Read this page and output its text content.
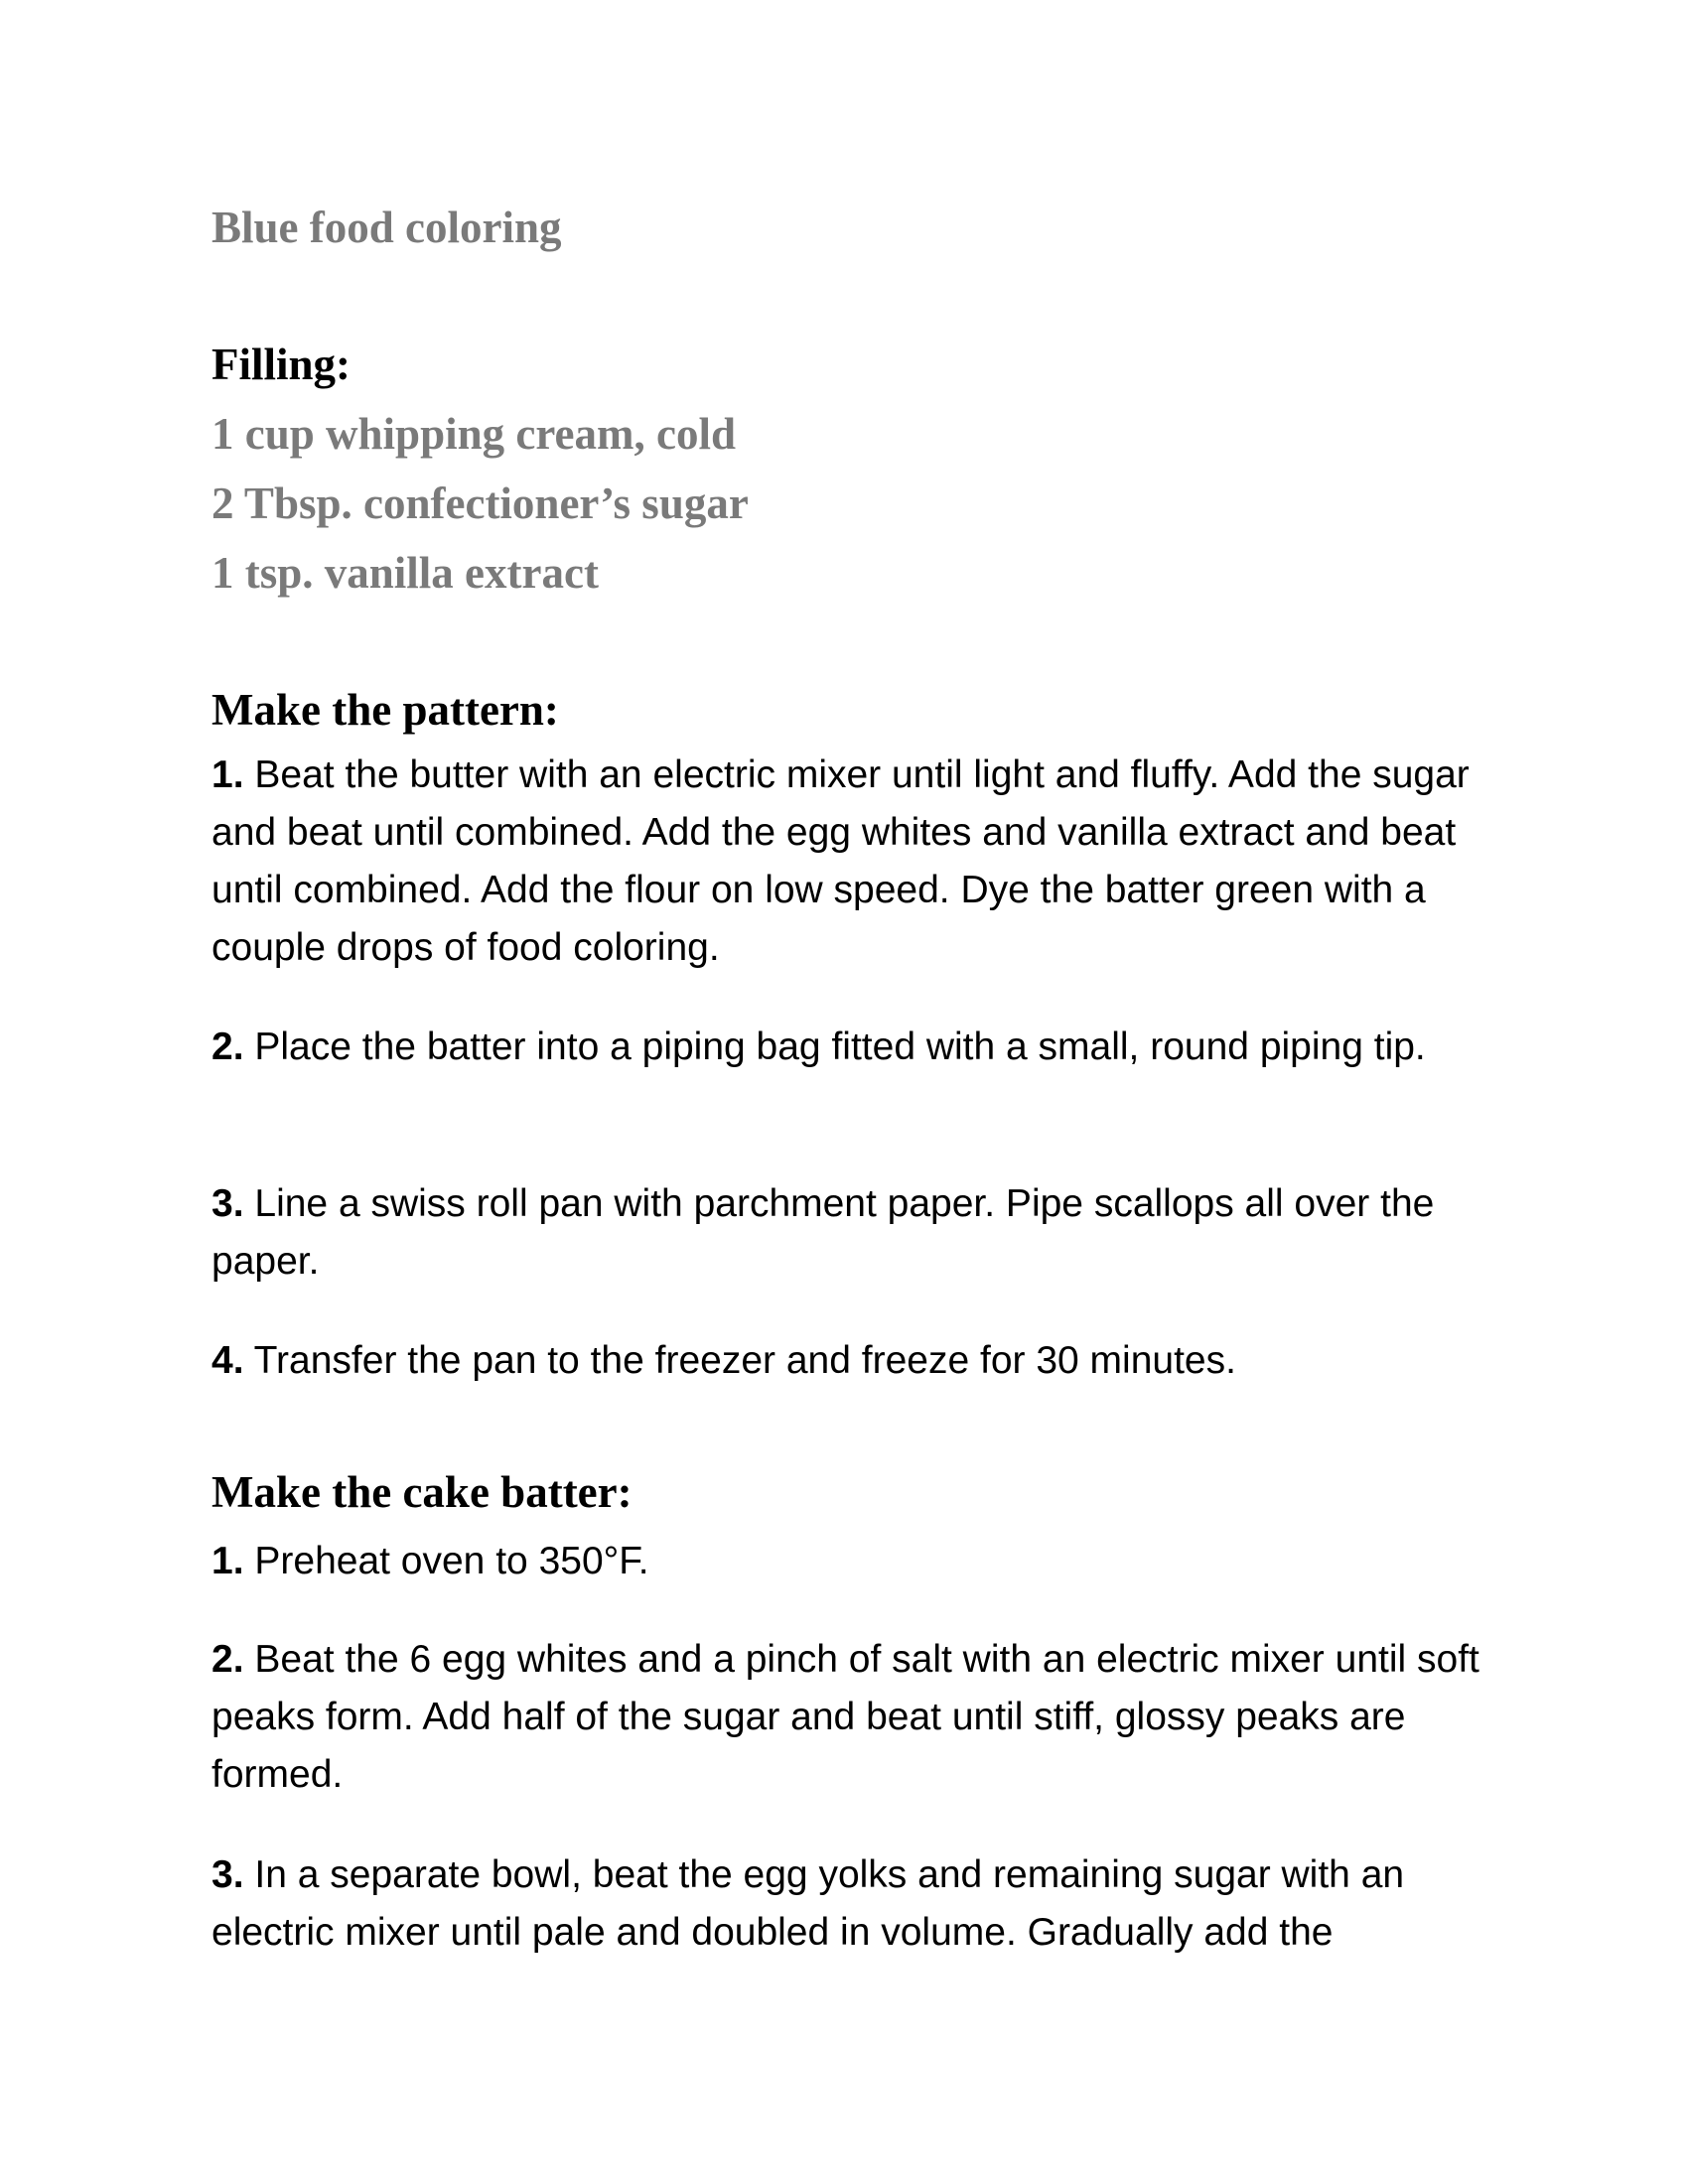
Blue food coloring

Filling:

1 cup whipping cream, cold

2 Tbsp. confectioner’s sugar

1 tsp. vanilla extract

Make the pattern:

1. Beat the butter with an electric mixer until light and fluffy. Add the sugar and beat until combined. Add the egg whites and vanilla extract and beat until combined. Add the flour on low speed. Dye the batter green with a couple drops of food coloring.

2. Place the batter into a piping bag fitted with a small, round piping tip.

3. Line a swiss roll pan with parchment paper. Pipe scallops all over the paper.

4. Transfer the pan to the freezer and freeze for 30 minutes.

Make the cake batter:

1. Preheat oven to 350°F.

2. Beat the 6 egg whites and a pinch of salt with an electric mixer until soft peaks form. Add half of the sugar and beat until stiff, glossy peaks are formed.

3. In a separate bowl, beat the egg yolks and remaining sugar with an electric mixer until pale and doubled in volume. Gradually add the
